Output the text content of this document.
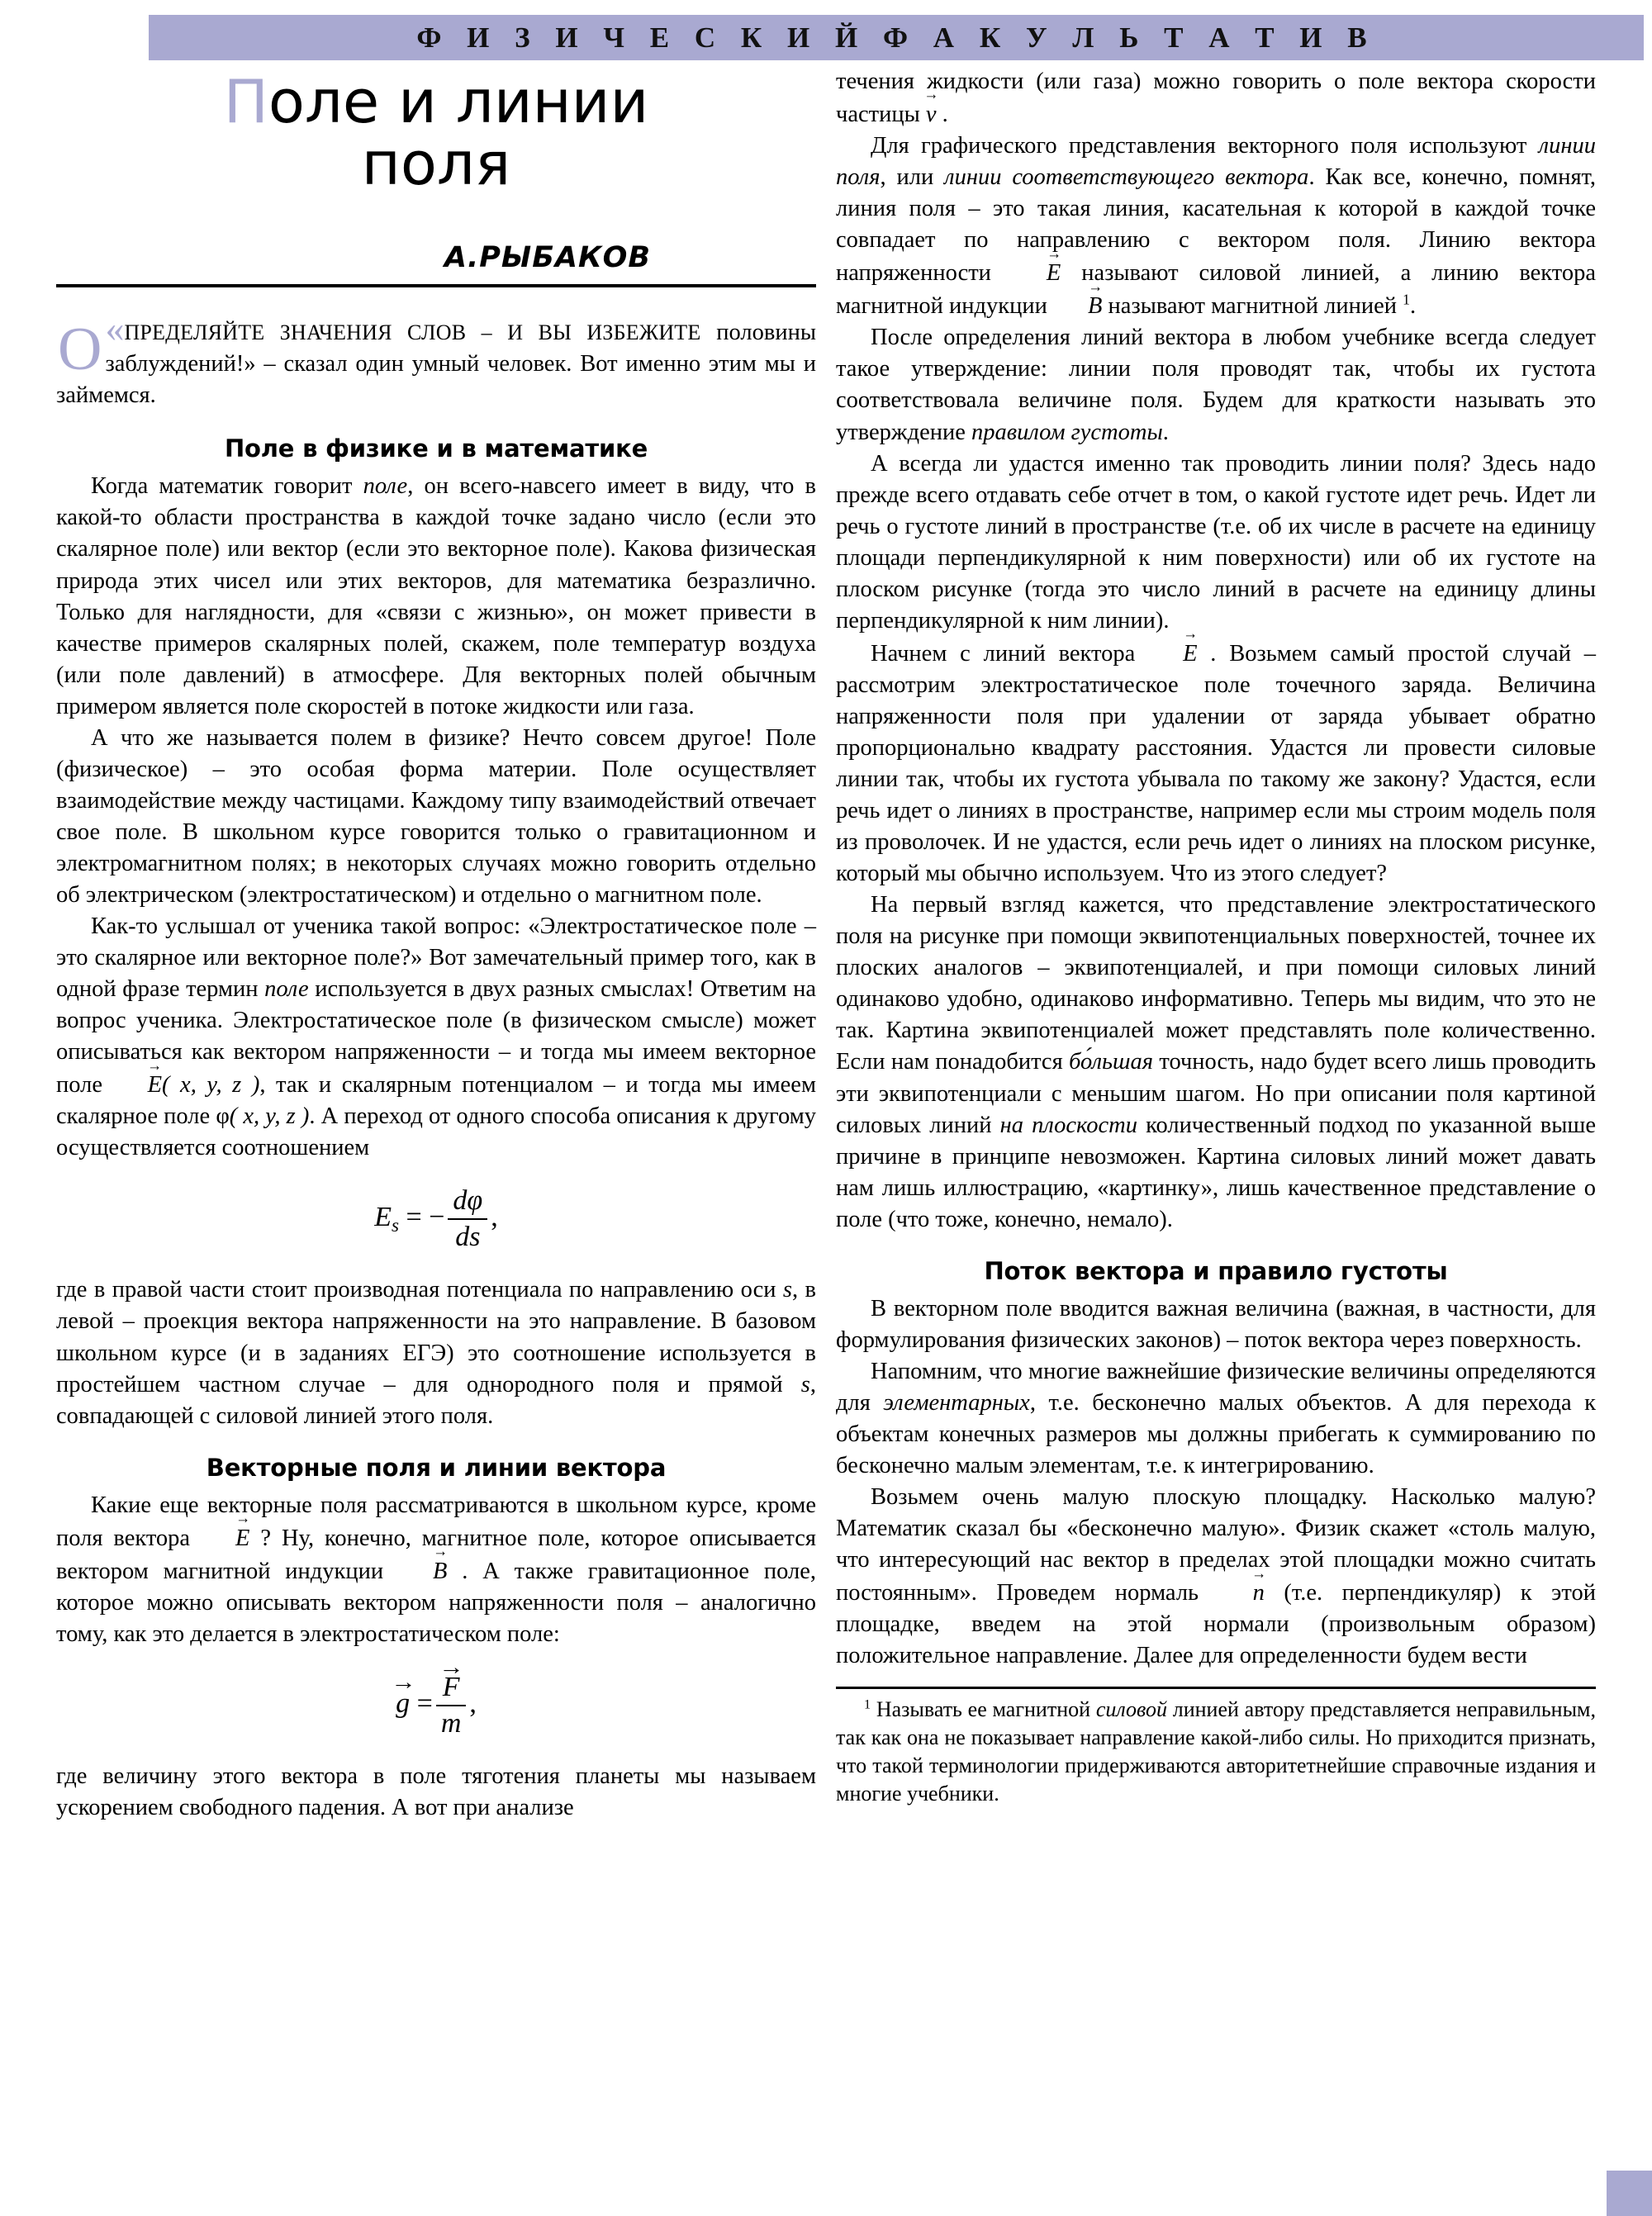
Ф И З И Ч Е С К И Й Ф А К У Л Ь Т А Т И В
Поле и линии
поля
А.РЫБАКОВ

«
О ПРЕДЕЛЯЙТЕ ЗНАЧЕНИЯ СЛОВ – И ВЫ ИЗБЕЖИТЕ половины заблуждений!» – сказал один умный человек. Вот именно этим мы и займемся.

Поле в физике и в математике

Когда математик говорит поле, он всего-навсего имеет в виду, что в какой-то области пространства в каждой точке задано число (если это скалярное поле) или вектор (если это векторное поле). Какова физическая природа этих чисел или этих векторов, для математика безразлично. Только для наглядности, для «связи с жизнью», он может привести в качестве примеров скалярных полей, скажем, поле температур воздуха (или поле давлений) в атмосфере. Для векторных полей обычным примером является поле скоростей в потоке жидкости или газа.

А что же называется полем в физике? Нечто совсем другое! Поле (физическое) – это особая форма материи. Поле осуществляет взаимодействие между частицами. Каждому типу взаимодействий отвечает свое поле. В школьном курсе говорится только о гравитационном и электромагнитном полях; в некоторых случаях можно говорить отдельно об электрическом (электростатическом) и отдельно о магнитном поле.

Как-то услышал от ученика такой вопрос: «Электростатическое поле – это скалярное или векторное поле?» Вот замечательный пример того, как в одной фразе термин поле используется в двух разных смыслах! Ответим на вопрос ученика. Электростатическое поле (в физическом смысле) может описываться как вектором напряженности – и тогда мы имеем векторное поле E →( x, y, z ), так и скалярным потенциалом – и тогда мы имеем скалярное поле φ( x, y, z ). А переход от одного способа описания к другому осуществляется соотношением

$E_s$ = − $\frac{d\varphi}{ds}$ ,

где в правой части стоит производная потенциала по направлению оси s, в левой – проекция вектора напряженности на это направление. В базовом школьном курсе (и в заданиях ЕГЭ) это соотношение используется в простейшем частном случае – для однородного поля и прямой s, совпадающей с силовой линией этого поля.

Векторные поля и линии вектора

Какие еще векторные поля рассматриваются в школьном курсе, кроме поля вектора E → ? Ну, конечно, магнитное поле, которое описывается вектором магнитной индукции B → . А также гравитационное поле, которое можно описывать вектором напряженности поля – аналогично тому, как это делается в электростатическом поле:

g → = $\frac{F \to}{m}$ ,

где величину этого вектора в поле тяготения планеты мы называем ускорением свободного падения. А вот при анализе

течения жидкости (или газа) можно говорить о поле вектора скорости частицы v → .

Для графического представления векторного поля используют линии поля, или линии соответствующего вектора. Как все, конечно, помнят, линия поля – это такая линия, касательная к которой в каждой точке совпадает по направлению с вектором поля. Линию вектора напряженности E → называют силовой линией, а линию вектора магнитной индукции B → называют магнитной линией $^1$.

После определения линий вектора в любом учебнике всегда следует такое утверждение: линии поля проводят так, чтобы их густота соответствовала величине поля. Будем для краткости называть это утверждение правилом густоты.

А всегда ли удастся именно так проводить линии поля? Здесь надо прежде всего отдавать себе отчет в том, о какой густоте идет речь. Идет ли речь о густоте линий в пространстве (т.е. об их числе в расчете на единицу площади перпендикулярной к ним поверхности) или об их густоте на плоском рисунке (тогда это число линий в расчете на единицу длины перпендикулярной к ним линии).

Начнем с линий вектора E → . Возьмем самый простой случай – рассмотрим электростатическое поле точечного заряда. Величина напряженности поля при удалении от заряда убывает обратно пропорционально квадрату расстояния. Удастся ли провести силовые линии так, чтобы их густота убывала по такому же закону? Удастся, если речь идет о линиях в пространстве, например если мы строим модель поля из проволочек. И не удастся, если речь идет о линиях на плоском рисунке, который мы обычно используем. Что из этого следует?

На первый взгляд кажется, что представление электростатического поля на рисунке при помощи эквипотенциальных поверхностей, точнее их плоских аналогов – эквипотенциалей, и при помощи силовых линий одинаково удобно, одинаково информативно. Теперь мы видим, что это не так. Картина эквипотенциалей может представлять поле количественно. Если нам понадобится бо́льшая точность, надо будет всего лишь проводить эти эквипотенциали с меньшим шагом. Но при описании поля картиной силовых линий на плоскости количественный подход по указанной выше причине в принципе невозможен. Картина силовых линий может давать нам лишь иллюстрацию, «картинку», лишь качественное представление о поле (что тоже, конечно, немало).

Поток вектора и правило густоты

В векторном поле вводится важная величина (важная, в частности, для формулирования физических законов) – поток вектора через поверхность.

Напомним, что многие важнейшие физические величины определяются для элементарных, т.е. бесконечно малых объектов. А для перехода к объектам конечных размеров мы должны прибегать к суммированию по бесконечно малым элементам, т.е. к интегрированию.

Возьмем очень малую плоскую площадку. Насколько малую? Математик сказал бы «бесконечно малую». Физик скажет «столь малую, что интересующий нас вектор в пределах этой площадки можно считать постоянным». Проведем нормаль n → (т.е. перпендикуляр) к этой площадке, введем на этой нормали (произвольным образом) положительное направление. Далее для определенности будем вести

$^1$ Называть ее магнитной силовой линией автору представляется неправильным, так как она не показывает направление какой-либо силы. Но приходится признать, что такой терминологии придерживаются авторитетнейшие справочные издания и многие учебники.
